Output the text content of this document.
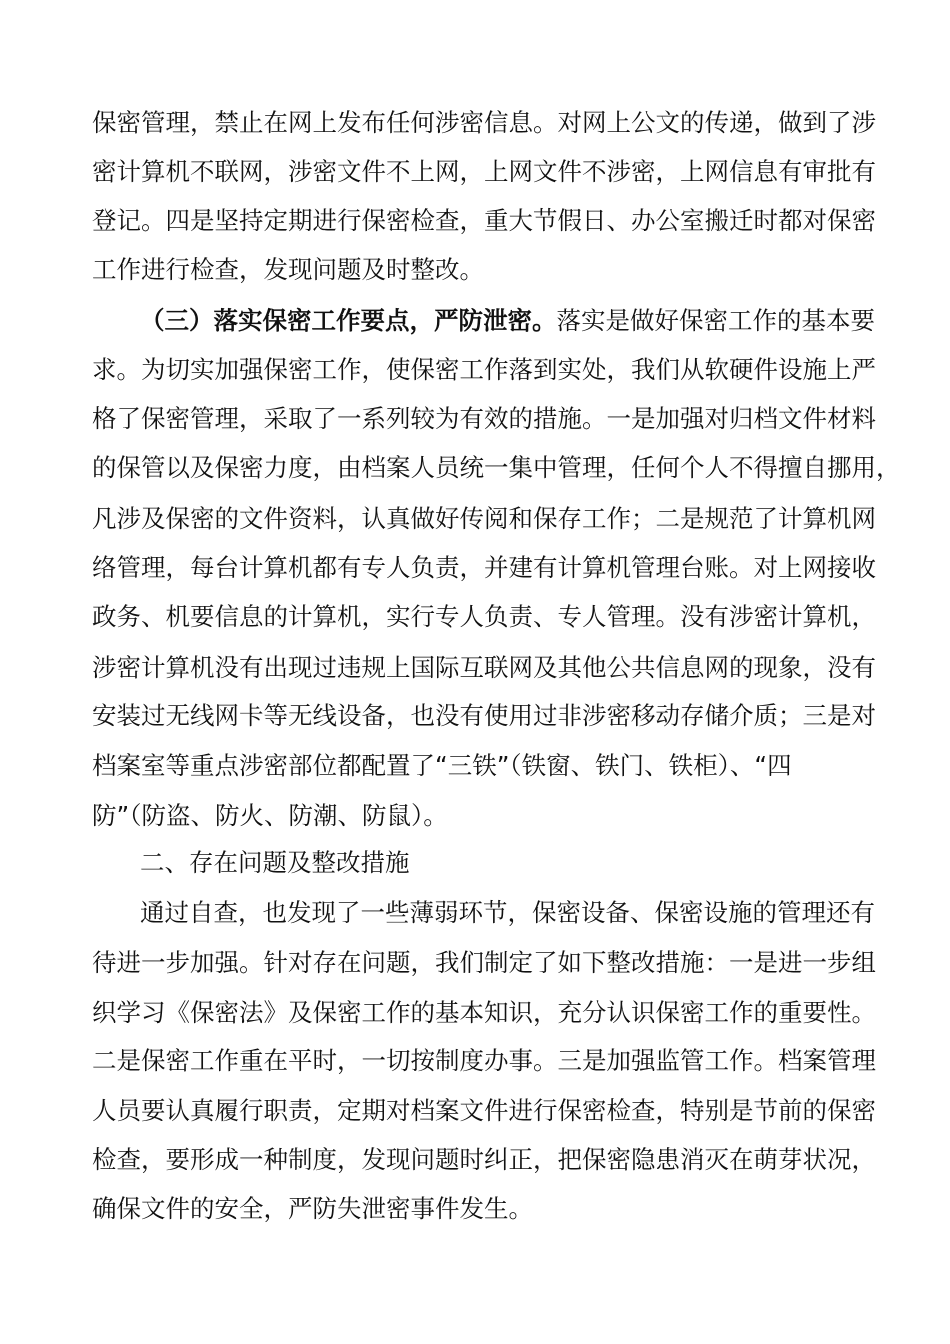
保密管理，禁止在网上发布任何涉密信息。对网上公文的传递，做到了涉
密计算机不联网，涉密文件不上网，上网文件不涉密，上网信息有审批有
登记。四是坚持定期进行保密检查，重大节假日、办公室搬迁时都对保密
工作进行检查，发现问题及时整改。
（三）落实保密工作要点，严防泄密。落实是做好保密工作的基本要
求。为切实加强保密工作，使保密工作落到实处，我们从软硬件设施上严
格了保密管理，采取了一系列较为有效的措施。一是加强对归档文件材料
的保管以及保密力度，由档案人员统一集中管理，任何个人不得擅自挪用，
凡涉及保密的文件资料，认真做好传阅和保存工作；二是规范了计算机网
络管理，每台计算机都有专人负责，并建有计算机管理台账。对上网接收
政务、机要信息的计算机，实行专人负责、专人管理。没有涉密计算机，
涉密计算机没有出现过违规上国际互联网及其他公共信息网的现象，没有
安装过无线网卡等无线设备，也没有使用过非涉密移动存储介质；三是对
档案室等重点涉密部位都配置了“三铁”（铁窗、铁门、铁柜）、“四
防”（防盗、防火、防潮、防鼠）。
二、存在问题及整改措施
通过自查，也发现了一些薄弱环节，保密设备、保密设施的管理还有
待进一步加强。针对存在问题，我们制定了如下整改措施：一是进一步组
织学习《保密法》及保密工作的基本知识，充分认识保密工作的重要性。
二是保密工作重在平时，一切按制度办事。三是加强监管工作。档案管理
人员要认真履行职责，定期对档案文件进行保密检查，特别是节前的保密
检查，要形成一种制度，发现问题时纠正，把保密隐患消灭在萌芽状况，
确保文件的安全，严防失泄密事件发生。
